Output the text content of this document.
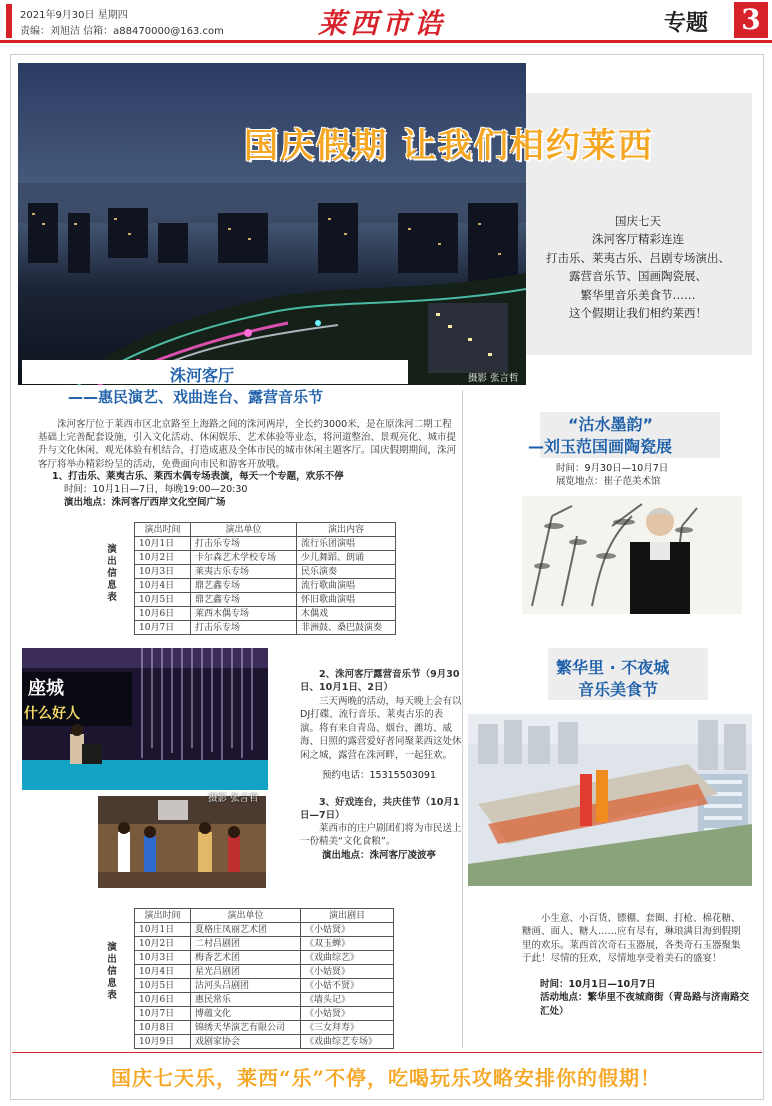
2021年9月30日 星期四
责编：刘旭洁 信箱：a88470000@163.com	莱西市诰	专题 3
国庆假期 让我们相约莱西
国庆七天
洙河客厅精彩连连
打击乐、莱夷古乐、吕剧专场演出、
露营音乐节、国画陶瓷展、
繁华里音乐美食节……
这个假期让我们相约莱西！
摄影 张言哲
洙河客厅
——惠民演艺、戏曲连台、露营音乐节
洙河客厅位于莱西市区北京路至上海路之间的洙河两岸，全长约3000米，是在原洙河二期工程基础上完善配套设施，引入文化活动、休闲娱乐、艺术体验等业态，将河道整治、景观亮化、城市提升与文化休闲、观光体验有机结合，打造成惠及全体市民的城市休闲主题客厅。国庆假期期间，洙河客厅将举办精彩纷呈的活动，免费面向市民和游客开放哦。
1、打击乐、莱夷古乐、莱西木偶专场表演，每天一个专题，欢乐不停
时间：10月1日—7日，每晚19:00—20:30
演出地点：洙河客厅西岸文化空间广场
演出信息表
演出时间	演出单位	演出内容
10月1日	打击乐专场	流行乐团演唱
10月2日	卡尔森艺术学校专场	少儿舞蹈、朗诵
10月3日	莱夷古乐专场	民乐演奏
10月4日	鼎艺鑫专场	流行歌曲演唱
10月5日	鼎艺鑫专场	怀旧歌曲演唱
10月6日	莱西木偶专场	木偶戏
10月7日	打击乐专场	非洲鼓、桑巴鼓演奏
座城
什么好人
摄影 张言哲
2、洙河客厅露营音乐节（9月30日、10月1日、2日）
三天两晚的活动，每天晚上会有以DJ打碟、流行音乐、莱夷古乐的表演。将有来自青岛、烟台、潍坊、威海、日照的露营爱好者同聚莱西这处休闲之城，露营在洙河畔，一起狂欢。
预约电话：15315503091
3、好戏连台，共庆佳节（10月1日—7日）
莱西市的庄户剧团们将为市民送上一份精美“文化食粮”。
演出地点：洙河客厅凌波亭
演出信息表
演出时间	演出单位	演出剧目
10月1日	夏格庄凤丽艺术团	《小姑贤》
10月2日	二村吕剧团	《双玉蝉》
10月3日	梅香艺术团	《戏曲综艺》
10月4日	星光吕剧团	《小姑贤》
10月5日	沽河头吕剧团	《小姑不贤》
10月6日	惠民常乐	《墙头记》
10月7日	博蕴文化	《小姑贤》
10月8日	锦绣天华演艺有限公司	《三女拜寿》
10月9日	戏剧家协会	《戏曲综艺专场》
“沽水墨韵”
—刘玉范国画陶瓷展
时间：9月30日—10月7日
展览地点：崔子范美术馆
繁华里 · 不夜城
音乐美食节
小生意、小百货、镖棚、套圈、打枪、棉花糖、糖画、面人、糖人……应有尽有，琳琅满目海到假期里的欢乐。莱西首次奇石玉器展，各类奇石玉器聚集于此！尽情的狂欢，尽情地享受着美石的盛宴！
时间：10月1日—10月7日
活动地点：繁华里不夜城商街（青岛路与济南路交汇处）
国庆七天乐，莱西“乐”不停，吃喝玩乐攻略安排你的假期！
